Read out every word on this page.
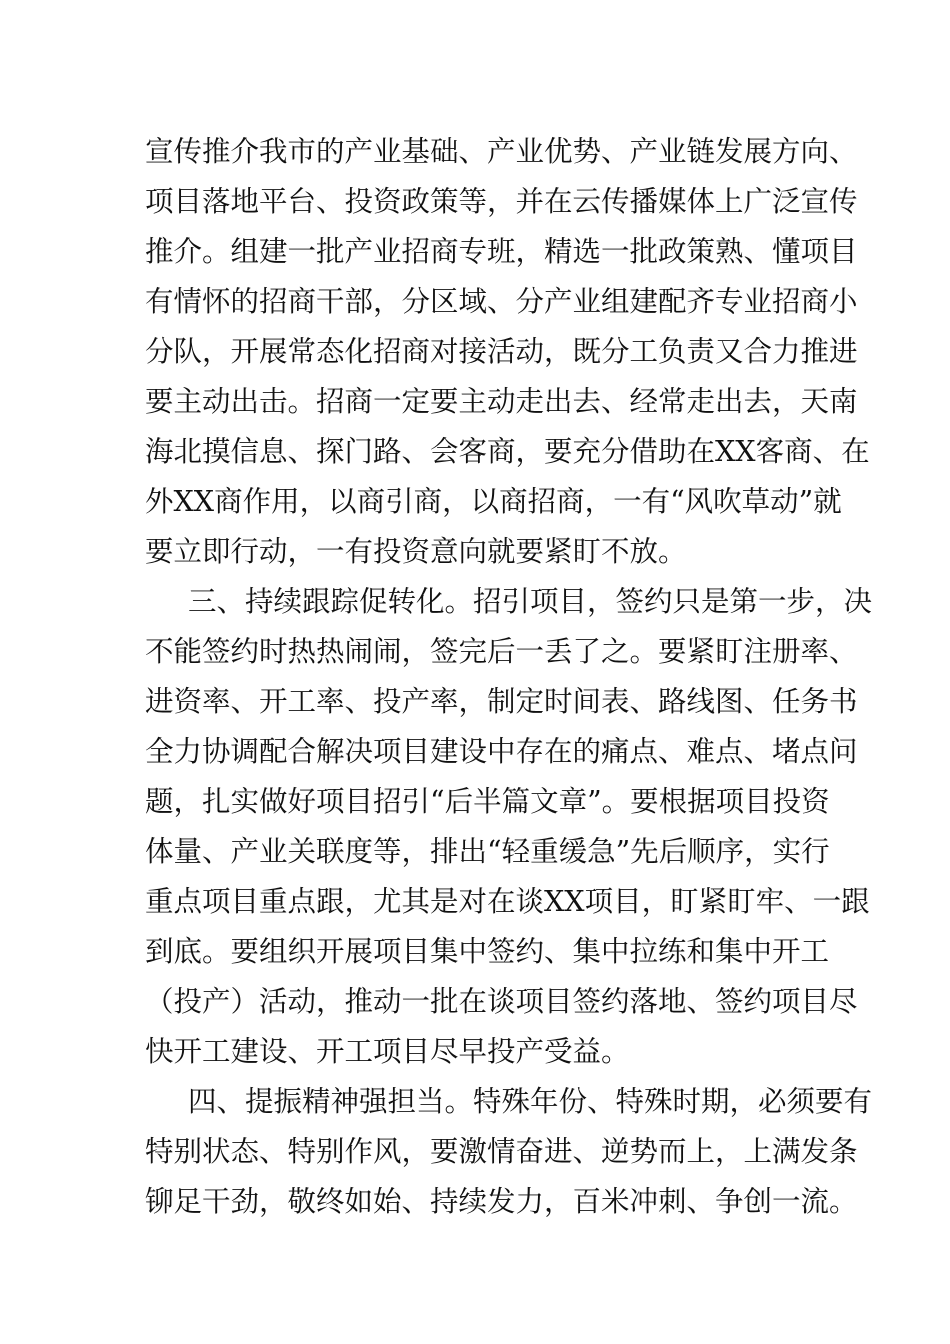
宣传推介我市的产业基础、产业优势、产业链发展方向、
项目落地平台、投资政策等，并在云传播媒体上广泛宣传
推介。组建一批产业招商专班，精选一批政策熟、懂项目
有情怀的招商干部，分区域、分产业组建配齐专业招商小
分队，开展常态化招商对接活动，既分工负责又合力推进
要主动出击。招商一定要主动走出去、经常走出去，天南
海北摸信息、探门路、会客商，要充分借助在XX客商、在
外XX商作用，以商引商，以商招商，一有“风吹草动”就
要立即行动，一有投资意向就要紧盯不放。
三、持续跟踪促转化。招引项目，签约只是第一步，决
不能签约时热热闹闹，签完后一丢了之。要紧盯注册率、
进资率、开工率、投产率，制定时间表、路线图、任务书
全力协调配合解决项目建设中存在的痛点、难点、堵点问
题，扎实做好项目招引“后半篇文章”。要根据项目投资
体量、产业关联度等，排出“轻重缓急”先后顺序，实行
重点项目重点跟，尤其是对在谈XX项目，盯紧盯牢、一跟
到底。要组织开展项目集中签约、集中拉练和集中开工
（投产）活动，推动一批在谈项目签约落地、签约项目尽
快开工建设、开工项目尽早投产受益。
四、提振精神强担当。特殊年份、特殊时期，必须要有
特别状态、特别作风，要激情奋进、逆势而上，上满发条
铆足干劲，敬终如始、持续发力，百米冲刺、争创一流。
